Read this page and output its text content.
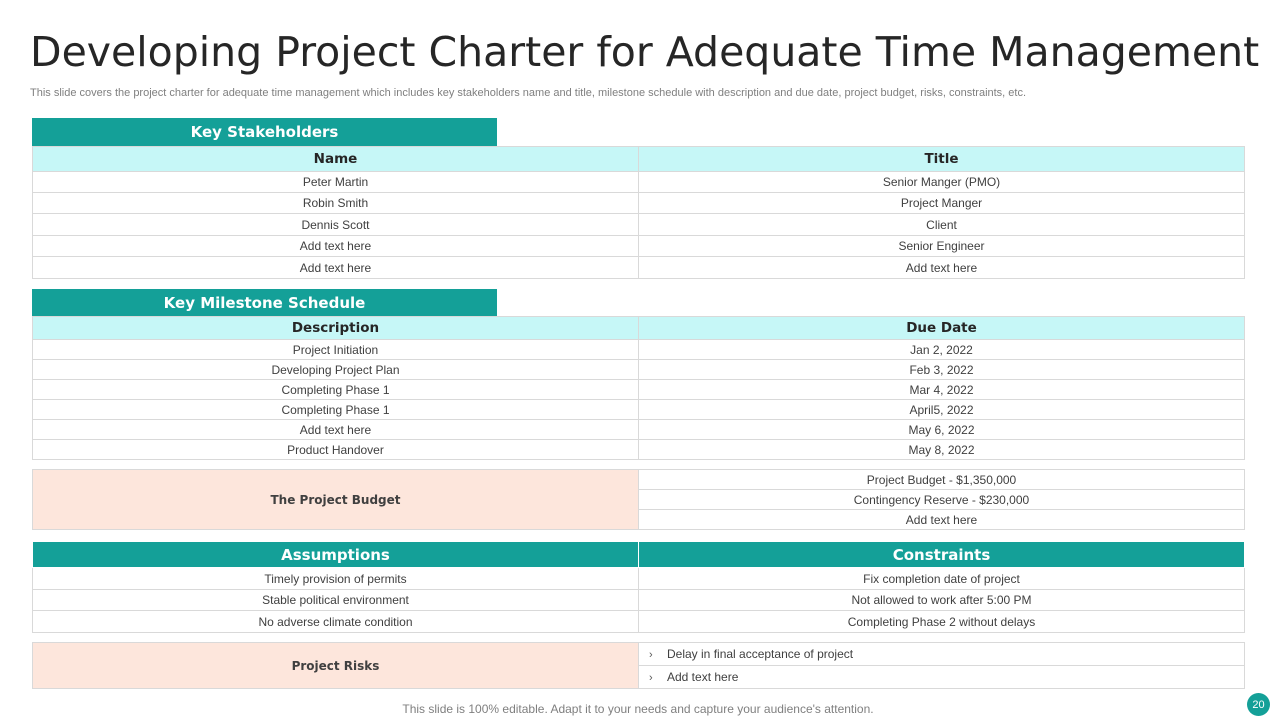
Developing Project Charter for Adequate Time Management
This slide covers the project charter for adequate time management which includes key stakeholders name and title, milestone schedule with description and due date, project budget, risks, constraints, etc.
Key Stakeholders
Name	Title
Peter Martin	Senior Manger (PMO)
Robin Smith	Project Manger
Dennis Scott	Client
Add text here	Senior Engineer
Add text here	Add text here
Key Milestone Schedule
Description	Due Date
Project Initiation	Jan 2, 2022
Developing Project Plan	Feb 3, 2022
Completing Phase 1	Mar 4, 2022
Completing Phase 1	April5, 2022
Add text here	May 6, 2022
Product Handover	May 8, 2022
The Project Budget	Project Budget - $1,350,000
Contingency Reserve - $230,000
Add text here
Assumptions	Constraints
Timely provision of permits	Fix completion date of project
Stable political environment	Not allowed to work after 5:00 PM
No adverse climate condition	Completing Phase 2 without delays
Project Risks	› Delay in final acceptance of project
› Add text here
This slide is 100% editable. Adapt it to your needs and capture your audience's attention.	20
